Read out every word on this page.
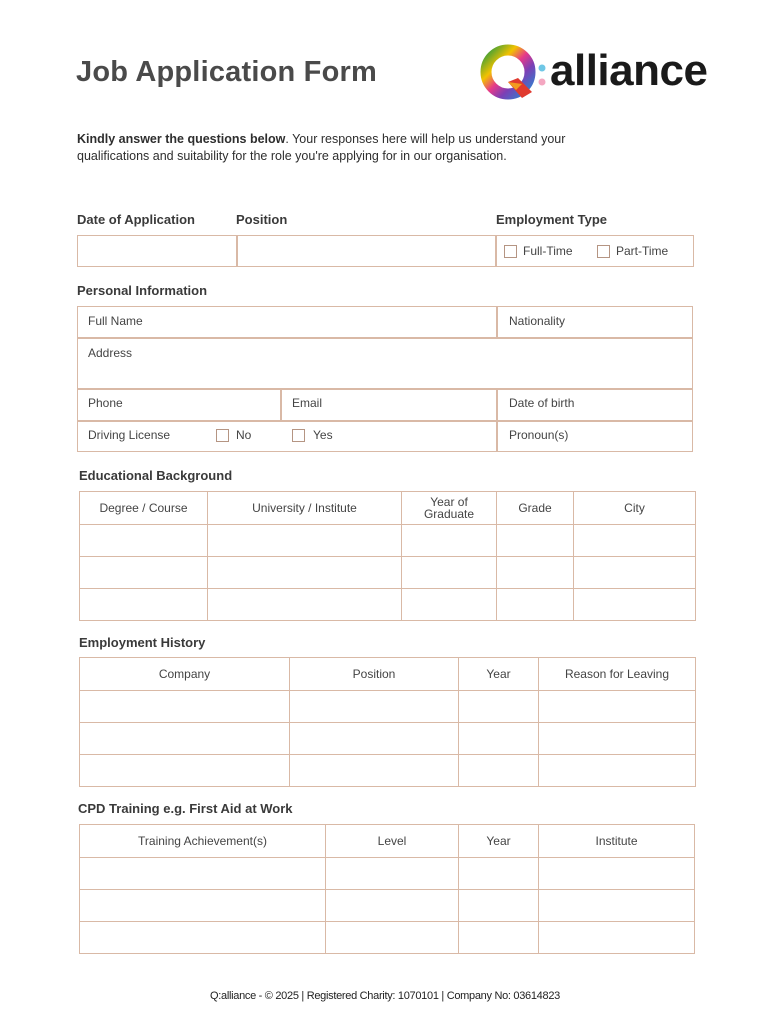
Job Application Form	alliance
Kindly answer the questions below. Your responses here will help us understand your qualifications and suitability for the role you're applying for in our organisation.
Date of Application	Position	Employment Type
Full-Time	Part-Time
Personal Information
Full Name	Nationality
Address
Phone	Email	Date of birth
Driving License	No	Yes	Pronoun(s)
Educational Background
Degree / Course	University / Institute	Year of Graduate	Grade	City

Employment History
Company	Position	Year	Reason for Leaving

CPD Training e.g. First Aid at Work
Training Achievement(s)	Level	Year	Institute

Q:alliance - © 2025 | Registered Charity: 1070101 | Company No: 03614823
